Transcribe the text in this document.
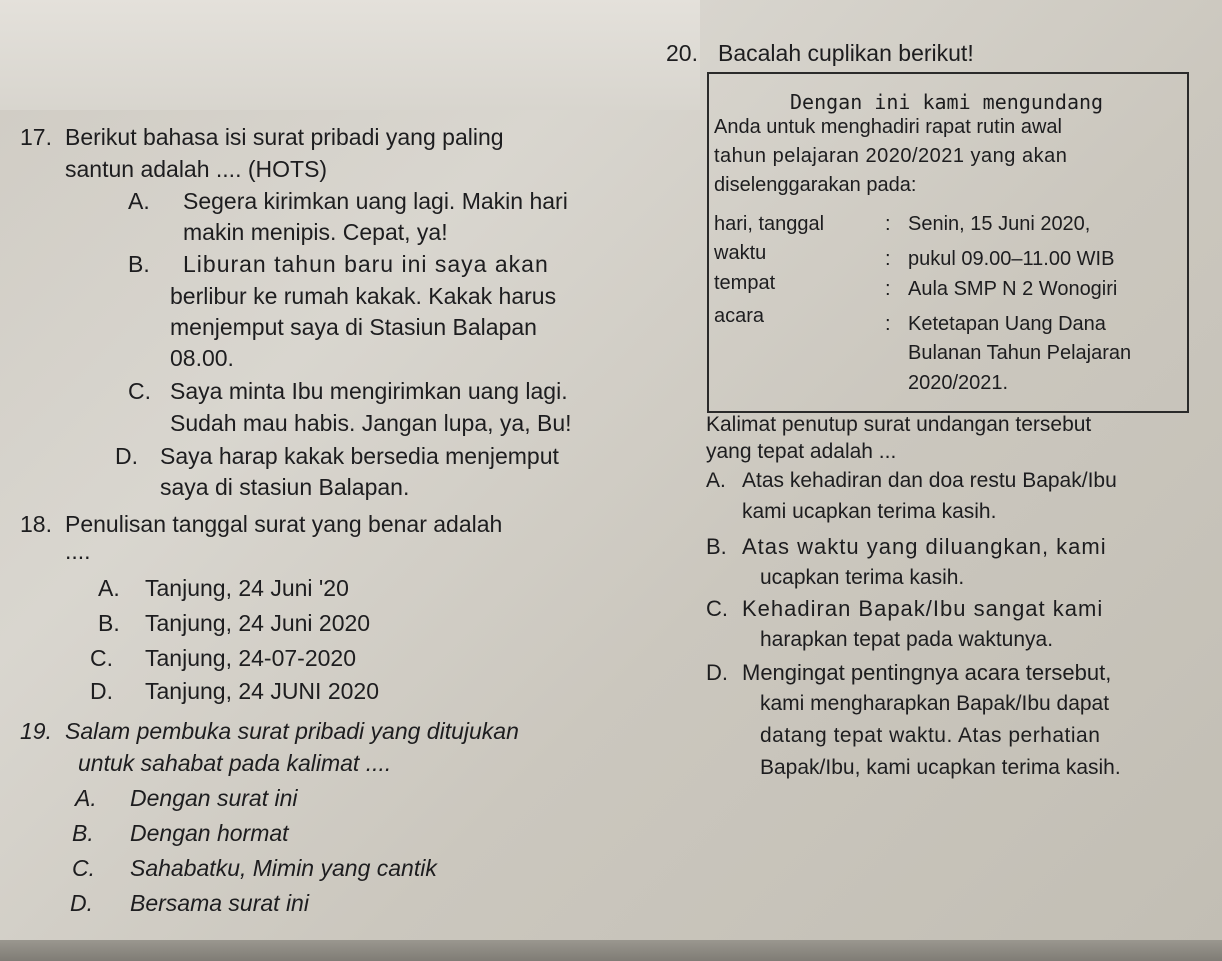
17. Berikut bahasa isi surat pribadi yang paling
santun adalah .... (HOTS)
A. Segera kirimkan uang lagi. Makin hari
makin menipis. Cepat, ya!
B. Liburan tahun baru ini saya akan
berlibur ke rumah kakak. Kakak harus
menjemput saya di Stasiun Balapan
08.00.
C. Saya minta Ibu mengirimkan uang lagi.
Sudah mau habis. Jangan lupa, ya, Bu!
D. Saya harap kakak bersedia menjemput
saya di stasiun Balapan.
18. Penulisan tanggal surat yang benar adalah
....
A. Tanjung, 24 Juni '20
B. Tanjung, 24 Juni 2020
C. Tanjung, 24-07-2020
D. Tanjung, 24 JUNI 2020
19. Salam pembuka surat pribadi yang ditujukan
untuk sahabat pada kalimat ....
A. Dengan surat ini
B. Dengan hormat
C. Sahabatku, Mimin yang cantik
D. Bersama surat ini
20. Bacalah cuplikan berikut!
Dengan ini kami mengundang
Anda untuk menghadiri rapat rutin awal
tahun pelajaran 2020/2021 yang akan
diselenggarakan pada:
hari, tanggal	: Senin, 15 Juni 2020,
waktu	: pukul 09.00–11.00 WIB
tempat	: Aula SMP N 2 Wonogiri
acara	: Ketetapan Uang Dana
Bulanan Tahun Pelajaran
2020/2021.
Kalimat penutup surat undangan tersebut
yang tepat adalah ...
A. Atas kehadiran dan doa restu Bapak/Ibu
kami ucapkan terima kasih.
B. Atas waktu yang diluangkan, kami
ucapkan terima kasih.
C. Kehadiran Bapak/Ibu sangat kami
harapkan tepat pada waktunya.
D. Mengingat pentingnya acara tersebut,
kami mengharapkan Bapak/Ibu dapat
datang tepat waktu. Atas perhatian
Bapak/Ibu, kami ucapkan terima kasih.
